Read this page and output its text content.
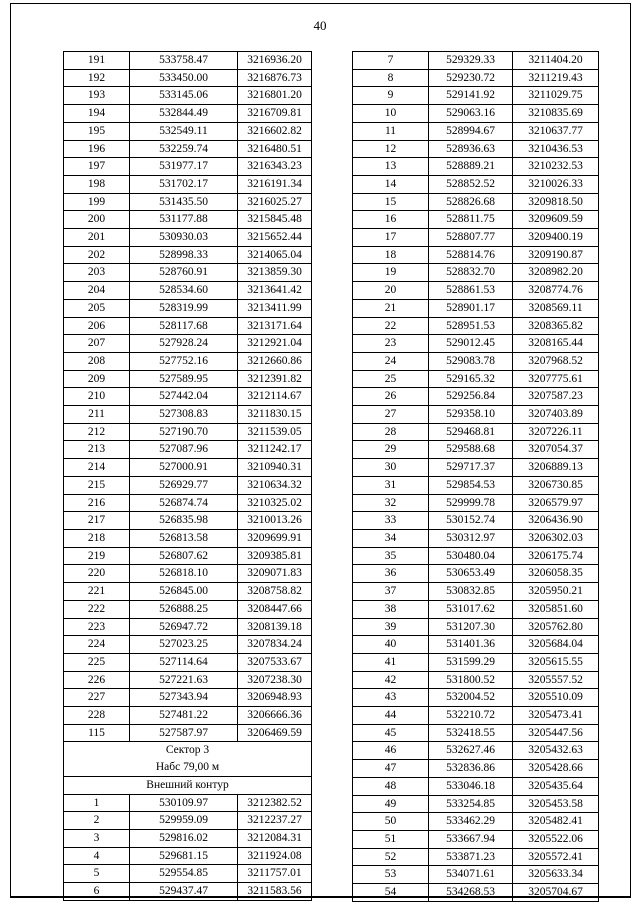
40
191	533758.47	3216936.20
192	533450.00	3216876.73
193	533145.06	3216801.20
194	532844.49	3216709.81
195	532549.11	3216602.82
196	532259.74	3216480.51
197	531977.17	3216343.23
198	531702.17	3216191.34
199	531435.50	3216025.27
200	531177.88	3215845.48
201	530930.03	3215652.44
202	528998.33	3214065.04
203	528760.91	3213859.30
204	528534.60	3213641.42
205	528319.99	3213411.99
206	528117.68	3213171.64
207	527928.24	3212921.04
208	527752.16	3212660.86
209	527589.95	3212391.82
210	527442.04	3212114.67
211	527308.83	3211830.15
212	527190.70	3211539.05
213	527087.96	3211242.17
214	527000.91	3210940.31
215	526929.77	3210634.32
216	526874.74	3210325.02
217	526835.98	3210013.26
218	526813.58	3209699.91
219	526807.62	3209385.81
220	526818.10	3209071.83
221	526845.00	3208758.82
222	526888.25	3208447.66
223	526947.72	3208139.18
224	527023.25	3207834.24
225	527114.64	3207533.67
226	527221.63	3207238.30
227	527343.94	3206948.93
228	527481.22	3206666.36
115	527587.97	3206469.59

Сектор 3
Набс 79,00 м		

Внешний контур		
1	530109.97	3212382.52
2	529959.09	3212237.27
3	529816.02	3212084.31
4	529681.15	3211924.08
5	529554.85	3211757.01
6	529437.47	3211583.56
7	529329.33	3211404.20
8	529230.72	3211219.43
9	529141.92	3211029.75
10	529063.16	3210835.69
11	528994.67	3210637.77
12	528936.63	3210436.53
13	528889.21	3210232.53
14	528852.52	3210026.33
15	528826.68	3209818.50
16	528811.75	3209609.59
17	528807.77	3209400.19
18	528814.76	3209190.87
19	528832.70	3208982.20
20	528861.53	3208774.76
21	528901.17	3208569.11
22	528951.53	3208365.82
23	529012.45	3208165.44
24	529083.78	3207968.52
25	529165.32	3207775.61
26	529256.84	3207587.23
27	529358.10	3207403.89
28	529468.81	3207226.11
29	529588.68	3207054.37
30	529717.37	3206889.13
31	529854.53	3206730.85
32	529999.78	3206579.97
33	530152.74	3206436.90
34	530312.97	3206302.03
35	530480.04	3206175.74
36	530653.49	3206058.35
37	530832.85	3205950.21
38	531017.62	3205851.60
39	531207.30	3205762.80
40	531401.36	3205684.04
41	531599.29	3205615.55
42	531800.52	3205557.52
43	532004.52	3205510.09
44	532210.72	3205473.41
45	532418.55	3205447.56
46	532627.46	3205432.63
47	532836.86	3205428.66
48	533046.18	3205435.64
49	533254.85	3205453.58
50	533462.29	3205482.41
51	533667.94	3205522.06
52	533871.23	3205572.41
53	534071.61	3205633.34
54	534268.53	3205704.67
